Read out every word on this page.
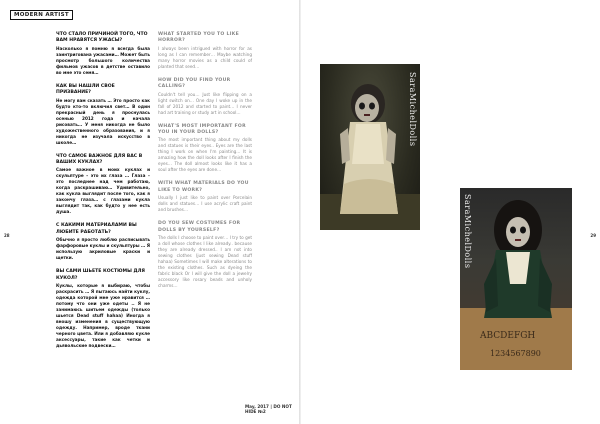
MODERN ARTIST
28
ЧТО СТАЛО ПРИЧИНОЙ ТОГО, ЧТО ВАМ НРАВЯТСЯ УЖАСЫ?
Насколько я помню я всегда была заинтригована ужасами… Может быть просмотр большого количества фильмов ужасов в детстве оставило во мне это семя…
КАК ВЫ НАШЛИ СВОЕ ПРИЗВАНИЕ?
Не могу вам сказать … Это просто как будто кто-то включил свет… В один прекрасный день я проснулась осенью 2012 года и начала рисовать… У меня никогда не было художественного образования, и я никогда не изучала искусство в школе…
ЧТО САМОЕ ВАЖНОЕ ДЛЯ ВАС В ВАШИХ КУКЛАХ?
Самое важное в моих куклах и скульптуре – это их глаза … Глаза – это последнее над чем работаю, когда раскрашиваю… Удивительно, как кукла выглядит после того, как я закончу глаза… с глазами кукла выглядит так, как будто у нее есть душа.
С КАКИМИ МАТЕРИАЛАМИ ВЫ ЛЮБИТЕ РАБОТАТЬ?
Обычно я просто люблю расписывать фарфоровые куклы и скульптуры … Я использую акриловые краски и щетки.
ВЫ САМИ ШЬЕТЕ КОСТЮМЫ ДЛЯ КУКОЛ?
Куклы, которые я выбираю, чтобы раскрасить … Я пытаюсь найти куклу, одежда которой мне уже нравится … потому что они уже одеты .. Я не занимаюсь шитьем одежды (только шьется Dead stuff hahaa) Иногда я вношу изменения в существующую одежду. Например, вроде ткани черного цвета. Или я добавляю кукле аксессуары, такие как четки и дьявольские подвески…
WHAT STARTED YOU TO LIKE HORROR?
I always been intrigued with horror for as long as I can remember… Maybe watching many horror movies as a child could of planted that seed…
HOW DID YOU FIND YOUR CALLING?
Couldn't tell you… Just like flipping on a light switch on… One day I woke up in the fall of 2012 and started to paint… I never had art training or study art in school…
WHAT'S MOST IMPORTANT FOR YOU IN YOUR DOLLS?
The most important thing about my dolls and statues is their eyes.. Eyes are the last thing I work on when I'm painting… It is amazing how the doll looks after I finish the eyes… The doll almost looks like it has a soul after the eyes are done…
WITH WHAT MATERIALS DO YOU LIKE TO WORK?
Usually I just like to paint over Porcelain dolls and statues… I use acrylic craft paint and brushes…
DO YOU SEW COSTUMES FOR DOLLS BY YOURSELF?
The dolls I choose to paint over… I try to get a doll whose clothes I like already.. because they are already dressed.. I am not into sewing clothes (just sewing Dead stuff hahaa) Sometimes I will make alterations to the existing clothes. Such as dyeing the fabric black Or I will give the doll a jewelry accessory like rosary beads and unholy charms…
May, 2017 | DO NOT HIDE №2
29
SaraMichelDolls
ABCDEFGH
1234567890
SaraMichelDolls
